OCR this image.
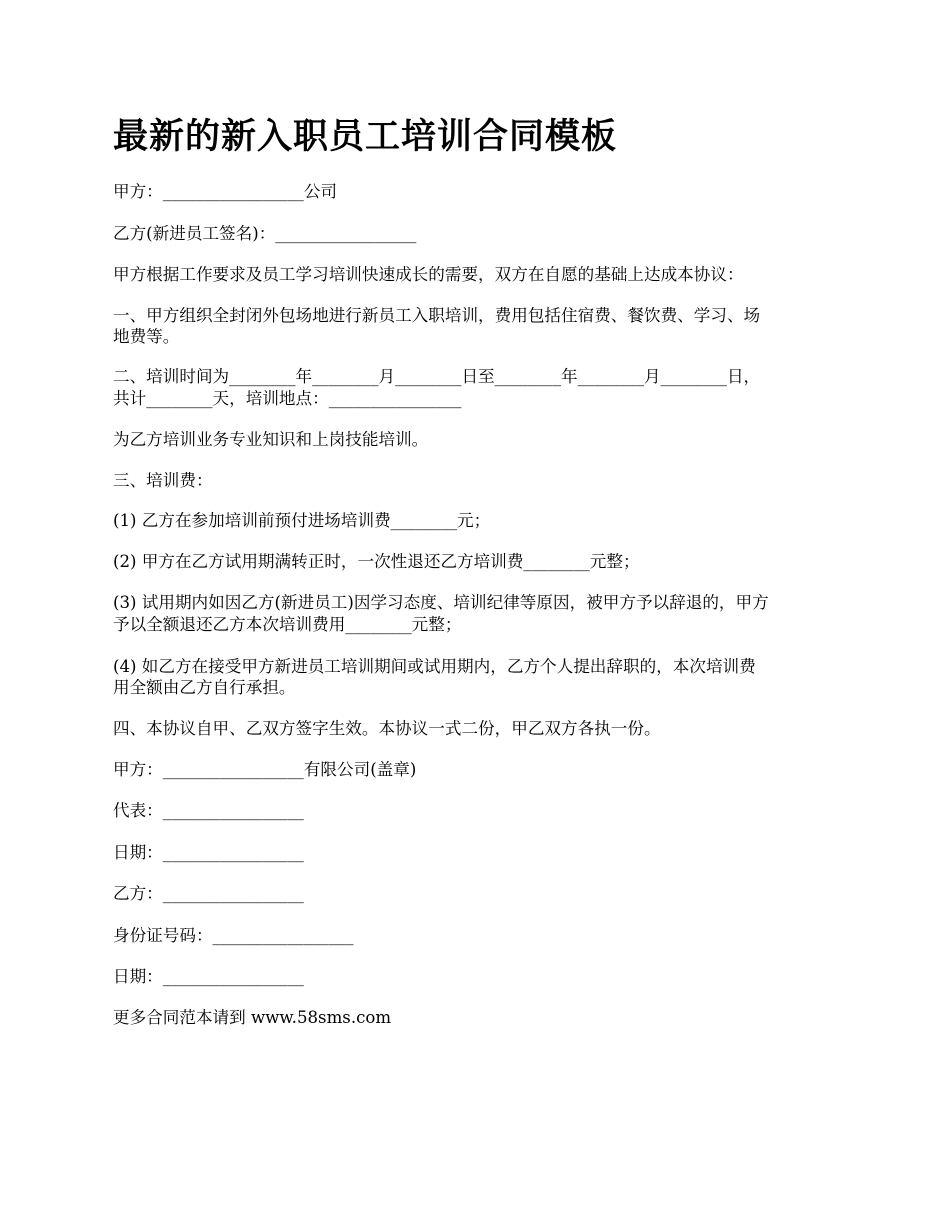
最新的新入职员工培训合同模板

甲方：_________________公司

乙方(新进员工签名)：_________________

甲方根据工作要求及员工学习培训快速成长的需要，双方在自愿的基础上达成本协议：

一、甲方组织全封闭外包场地进行新员工入职培训，费用包括住宿费、餐饮费、学习、场

地费等。

二、培训时间为________年________月________日至________年________月________日，

共计________天，培训地点：________________

为乙方培训业务专业知识和上岗技能培训。

三、培训费：

(1) 乙方在参加培训前预付进场培训费________元；

(2) 甲方在乙方试用期满转正时，一次性退还乙方培训费________元整；

(3) 试用期内如因乙方(新进员工)因学习态度、培训纪律等原因，被甲方予以辞退的，甲方

予以全额退还乙方本次培训费用________元整；

(4) 如乙方在接受甲方新进员工培训期间或试用期内，乙方个人提出辞职的，本次培训费

用全额由乙方自行承担。

四、本协议自甲、乙双方签字生效。本协议一式二份，甲乙双方各执一份。

甲方：_________________有限公司(盖章)

代表：_________________

日期：_________________

乙方：_________________

身份证号码：_________________

日期：_________________

更多合同范本请到 www.58sms.com
